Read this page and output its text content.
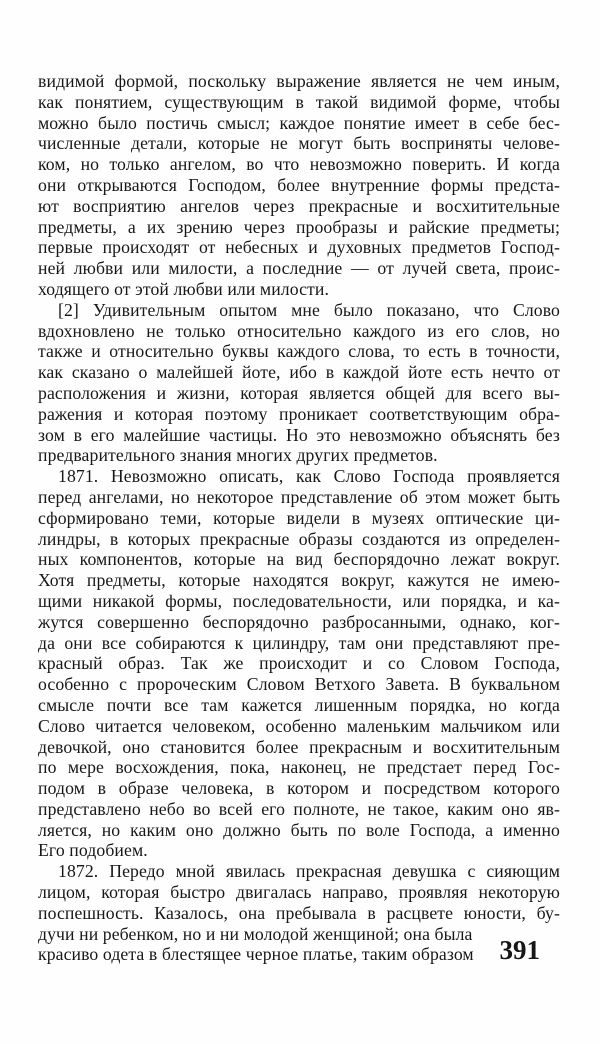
видимой формой, поскольку выражение является не чем иным,
как понятием, существующим в такой видимой форме, чтобы
можно было постичь смысл; каждое понятие имеет в себе бес-
численные детали, которые не могут быть восприняты челове-
ком, но только ангелом, во что невозможно поверить. И когда
они открываются Господом, более внутренние формы предста-
ют восприятию ангелов через прекрасные и восхитительные
предметы, а их зрению через прообразы и райские предметы;
первые происходят от небесных и духовных предметов Господ-
ней любви или милости, а последние — от лучей света, проис-
ходящего от этой любви или милости.
[2] Удивительным опытом мне было показано, что Слово
вдохновлено не только относительно каждого из его слов, но
также и относительно буквы каждого слова, то есть в точности,
как сказано о малейшей йоте, ибо в каждой йоте есть нечто от
расположения и жизни, которая является общей для всего вы-
ражения и которая поэтому проникает соответствующим обра-
зом в его малейшие частицы. Но это невозможно объяснять без
предварительного знания многих других предметов.
1871. Невозможно описать, как Слово Господа проявляется
перед ангелами, но некоторое представление об этом может быть
сформировано теми, которые видели в музеях оптические ци-
линдры, в которых прекрасные образы создаются из определен-
ных компонентов, которые на вид беспорядочно лежат вокруг.
Хотя предметы, которые находятся вокруг, кажутся не имею-
щими никакой формы, последовательности, или порядка, и ка-
жутся совершенно беспорядочно разбросанными, однако, ког-
да они все собираются к цилиндру, там они представляют пре-
красный образ. Так же происходит и со Словом Господа,
особенно с пророческим Словом Ветхого Завета. В буквальном
смысле почти все там кажется лишенным порядка, но когда
Слово читается человеком, особенно маленьким мальчиком или
девочкой, оно становится более прекрасным и восхитительным
по мере восхождения, пока, наконец, не предстает перед Гос-
подом в образе человека, в котором и посредством которого
представлено небо во всей его полноте, не такое, каким оно яв-
ляется, но каким оно должно быть по воле Господа, а именно
Его подобием.
1872. Передо мной явилась прекрасная девушка с сияющим
лицом, которая быстро двигалась направо, проявляя некоторую
поспешность. Казалось, она пребывала в расцвете юности, бу-
дучи ни ребенком, но и ни молодой женщиной; она была
красиво одета в блестящее черное платье, таким образом 391
